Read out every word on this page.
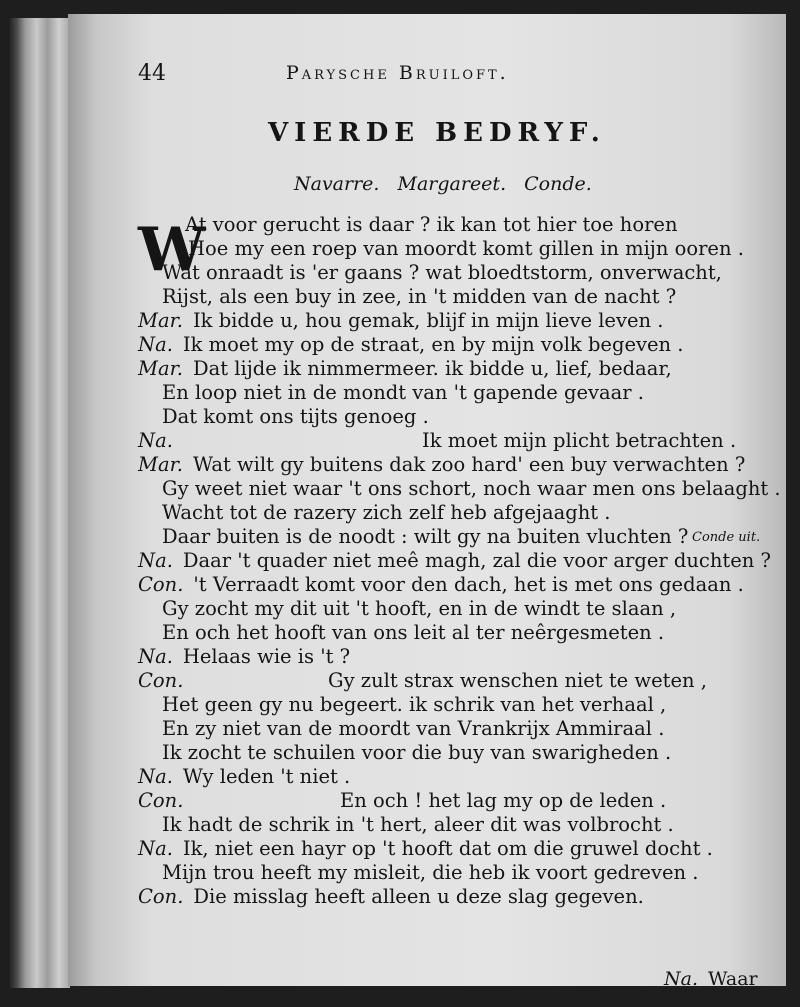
44	Parysche Bruiloft.
VIERDE BEDRYF.
Navarre. Margareet. Conde.
W
At voor gerucht is daar ? ik kan tot hier toe horen
Hoe my een roep van moordt komt gillen in mijn ooren .
Wat onraadt is 'er gaans ? wat bloedtstorm, onverwacht,
Rijst, als een buy in zee, in 't midden van de nacht ?
Mar. Ik bidde u, hou gemak, blijf in mijn lieve leven .
Na. Ik moet my op de straat, en by mijn volk begeven .
Mar. Dat lijde ik nimmermeer. ik bidde u, lief, bedaar,
En loop niet in de mondt van 't gapende gevaar .
Dat komt ons tijts genoeg .
Na.	Ik moet mijn plicht betrachten .
Mar. Wat wilt gy buitens dak zoo hard' een buy verwachten ?
Gy weet niet waar 't ons schort, noch waar men ons belaaght .
Wacht tot de razery zich zelf heb afgejaaght .
Daar buiten is de noodt : wilt gy na buiten vluchten ?
Na. Daar 't quader niet meê magh, zal die voor arger duchten ?
Con. 't Verraadt komt voor den dach, het is met ons gedaan .
Gy zocht my dit uit 't hooft, en in de windt te slaan ,
En och het hooft van ons leit al ter neêrgesmeten .
Na. Helaas wie is 't ?
Con.	Gy zult strax wenschen niet te weten ,
Het geen gy nu begeert. ik schrik van het verhaal ,
En zy niet van de moordt van Vrankrijx Ammiraal .
Ik zocht te schuilen voor die buy van swarigheden .
Na. Wy leden 't niet .
Con.	En och ! het lag my op de leden .
Ik hadt de schrik in 't hert, aleer dit was volbrocht .
Na. Ik, niet een hayr op 't hooft dat om die gruwel docht .
Mijn trou heeft my misleit, die heb ik voort gedreven .
Con. Die misslag heeft alleen u deze slag gegeven.
Conde uit.
Na. Waar
